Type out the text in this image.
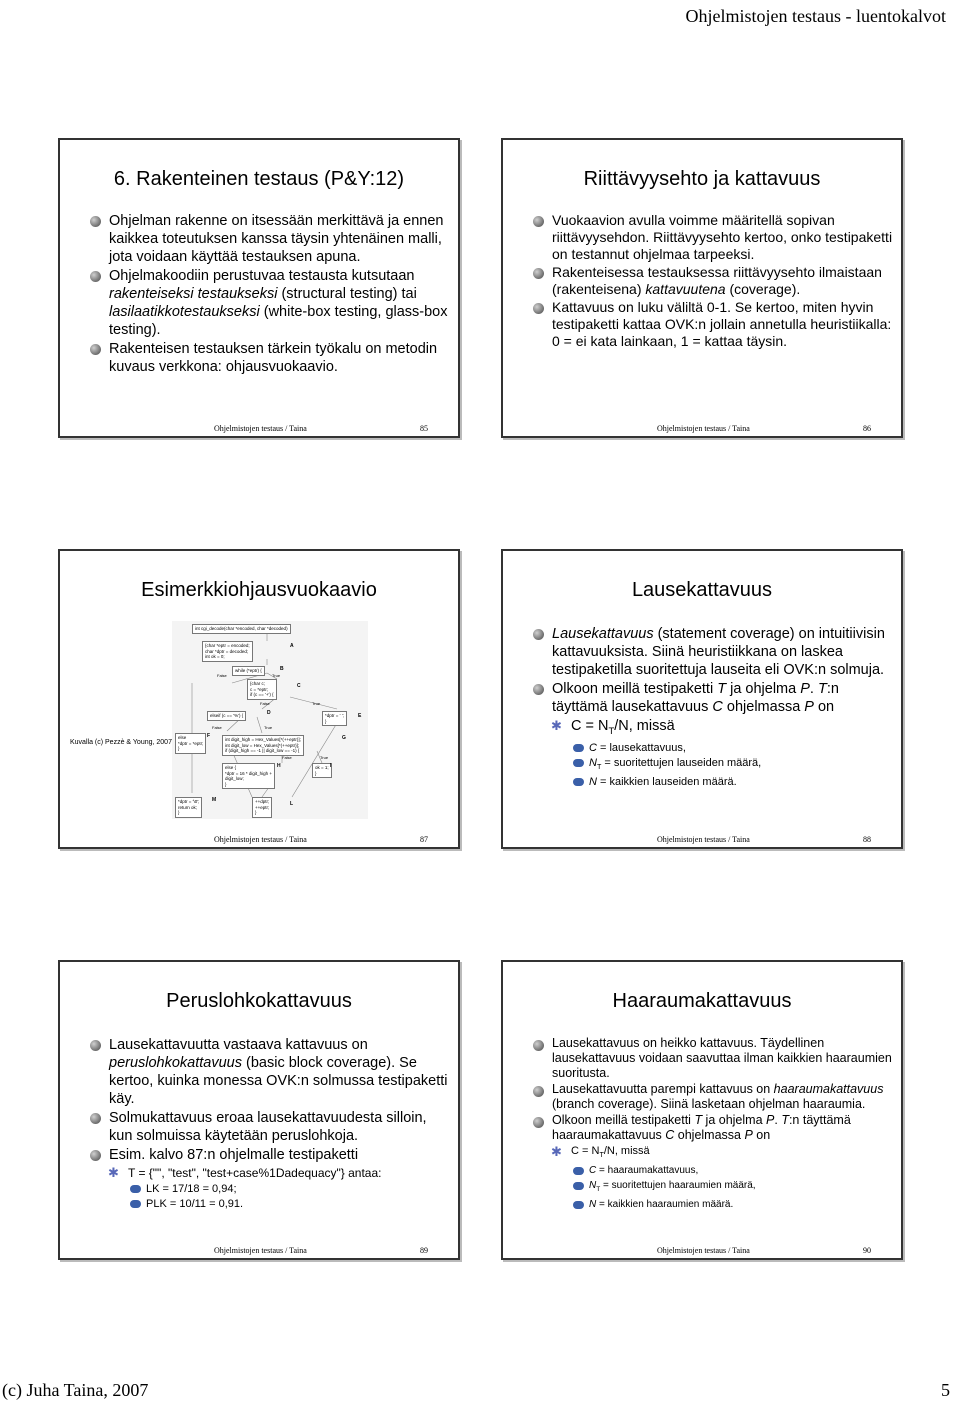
Ohjelmistojen testaus - luentokalvot
6. Rakenteinen testaus (P&Y:12)
Ohjelman rakenne on itsessään merkittävä ja ennen kaikkea toteutuksen kanssa täysin yhtenäinen malli, jota voidaan käyttää testauksen apuna.
Ohjelmakoodiin perustuvaa testausta kutsutaan rakenteiseksi testaukseksi (structural testing) tai lasilaatikkotestaukseksi (white-box testing, glass-box testing).
Rakenteisen testauksen tärkein työkalu on metodin kuvaus verkkona: ohjausvuokaavio.
Ohjelmistojen testaus / Taina	85
Riittävyysehto ja kattavuus
Vuokaavion avulla voimme määritellä sopivan riittävyysehdon. Riittävyysehto kertoo, onko testipaketti on testannut ohjelmaa tarpeeksi.
Rakenteisessa testauksessa riittävyysehto ilmaistaan (rakenteisena) kattavuutena (coverage).
Kattavuus on luku väliltä 0-1. Se kertoo, miten hyvin testipaketti kattaa OVK:n jollain annetulla heuristiikalla: 0 = ei kata lainkaan, 1 = kattaa täysin.
Ohjelmistojen testaus / Taina	86
Esimerkkiohjausvuokaavio
Kuvalla (c) Pezzè & Young, 2007
int cgi_decode(char *encoded, char *decoded)
{char *eptr = encoded;
char *dptr = decoded;
int ok = 0;
while (*eptr) {
{char c;
c = *eptr;
if (c == '+') {
elseif (c == '%') {	*dptr = ' ';
}
else
*dptr = *eptr;
}
int digit_high = Hex_Values[*(++eptr)];
int digit_low = Hex_Values[*(++eptr)];
if (digit_high == -1 || digit_low == -1) {
else {
*dptr = 16 * digit_high +
digit_low;
}
ok = 1;
}
++dptr;
++eptr;
}
*dptr = '\0';
return ok;
}
A
B
C
D	E
F	G
H	I
L
M
False	True
False	True
False	True
False	True
Ohjelmistojen testaus / Taina	87
Lausekattavuus
Lausekattavuus (statement coverage) on intuitiivisin kattavuuksista. Siinä heuristiikkana on laskea testipaketilla suoritettuja lauseita eli OVK:n solmuja.
Olkoon meillä testipaketti T ja ohjelma P. T:n täyttämä lausekattavuus C ohjelmassa P on
✱ $C = N_T/N$, missä
C = lausekattavuus,
$N_T$ = suoritettujen lauseiden määrä,
N = kaikkien lauseiden määrä.
Ohjelmistojen testaus / Taina	88
Peruslohkokattavuus
Lausekattavuutta vastaava kattavuus on peruslohkokattavuus (basic block coverage). Se kertoo, kuinka monessa OVK:n solmussa testipaketti käy.
Solmukattavuus eroaa lausekattavuudesta silloin, kun solmuissa käytetään peruslohkoja.
Esim. kalvo 87:n ohjelmalle testipaketti
✱ T = {"", "test", "test+case%1Dadequacy"} antaa:
LK = 17/18 = 0,94;
PLK = 10/11 = 0,91.
Ohjelmistojen testaus / Taina	89
Haaraumakattavuus
Lausekattavuus on heikko kattavuus. Täydellinen lausekattavuus voidaan saavuttaa ilman kaikkien haaraumien suoritusta.
Lausekattavuutta parempi kattavuus on haaraumakattavuus (branch coverage). Siinä lasketaan ohjelman haaraumia.
Olkoon meillä testipaketti T ja ohjelma P. T:n täyttämä haaraumakattavuus C ohjelmassa P on
✱ $C = N_T/N$, missä
C = haaraumakattavuus,
$N_T$ = suoritettujen haaraumien määrä,
N = kaikkien haaraumien määrä.
Ohjelmistojen testaus / Taina	90
(c) Juha Taina, 2007	5
